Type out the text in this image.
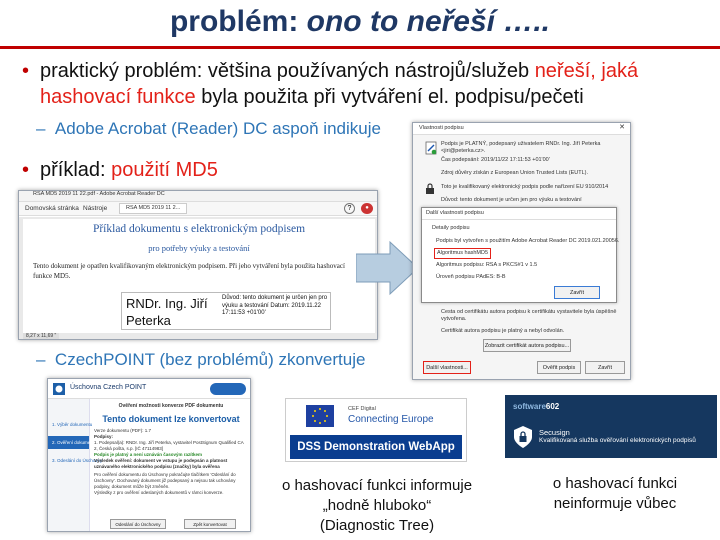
problém: ono to neřeší …..
• praktický problém: většina používaných nástrojů/služeb neřeší, jaká hashovací funkce byla použita při vytváření el. podpisu/pečeti
– Adobe Acrobat (Reader) DC aspoň indikuje
• příklad: použití MD5
RSA MD5 2019 11 22.pdf - Adobe Acrobat Reader DC
Domovská stránka Nástroje	RSA MD5 2019 11 2...	?	●
Příklad dokumentu s elektronickým podpisem
pro potřeby výuky a testování
Tento dokument je opatřen kvalifikovaným elektronickým podpisem. Při jeho vytváření byla použita hashovací funkce MD5.
RNDr. Ing. Jiří Peterka
Důvod: tento dokument je určen jen pro výuku a testování Datum: 2019.11.22 17:11:53 +01'00'
8,27 x 11,69 "
Vlastnosti podpisu	✕
Podpis je PLATNÝ, podepsaný uživatelem RNDr. Ing. Jiří Peterka <jiri@peterka.cz>.
Čas podepsání: 2019/11/22 17:11:53 +01'00'
Zdroj důvěry získán z European Union Trusted Lists (EUTL).
Toto je kvalifikovaný elektronický podpis podle nařízení EU 910/2014
Důvod: tento dokument je určen jen pro výuku a testování
Další vlastnosti podpisu
Detaily podpisu
Podpis byl vytvořen s použitím Adobe Acrobat Reader DC 2019.021.20056.
Algoritmus hashMD5
Algoritmus podpisu: RSA s PKCS#1 v 1.5
Úroveň podpisu PAdES: B-B
Zavřít
Cesta od certifikátu autora podpisu k certifikátu vystavitele byla úspěšně vytvořena.
Certifikát autora podpisu je platný a nebyl odvolán.
Zobrazit certifikát autora podpisu...
Další vlastnosti...	Ověřit podpis	Zavřít
– CzechPOINT (bez problémů) zkonvertuje
Úschovna Czech POINT
1. Výběr dokumentu
2. Ověření dokumentu
3. Odeslání do Úschovny
Ověření možnosti konverze PDF dokumentu
Tento dokument lze konvertovat
Verze dokumentu (PDF): 1.7
Podpisy:
1. Podepsal(a): RNDr. Ing. Jiří Peterka, vystavitel PostSignum Qualified CA 2, Česká pošta, s.p. [IČ 47114983]
Podpis je platný a není uznáván časovým razítkem
Výsledek ověření: dokument ve vstupu je podepsán a platnost uznávaného elektronického podpisu (značky) byla ověřena
Pro ověření dokumentu do Úschovny pokračujte tlačítkem 'Odeslání do Úschovny'. Dochovaný dokument již podepsaný a nejsou tak uchovány podpisy, dokument může být změněn.
Výsledky z pro ověření odeslaných dokumentů v rámci konverze.
Odeslání do Úschovny	Zpět konvertovat
CEF Digital
Connecting Europe
DSS Demonstration WebApp
software602
Secusign
Kvalifikovaná služba ověřování elektronických podpisů
o hashovací funkci informuje
„hodně hluboko“
(Diagnostic Tree)
o hashovací funkci
neinformuje vůbec
